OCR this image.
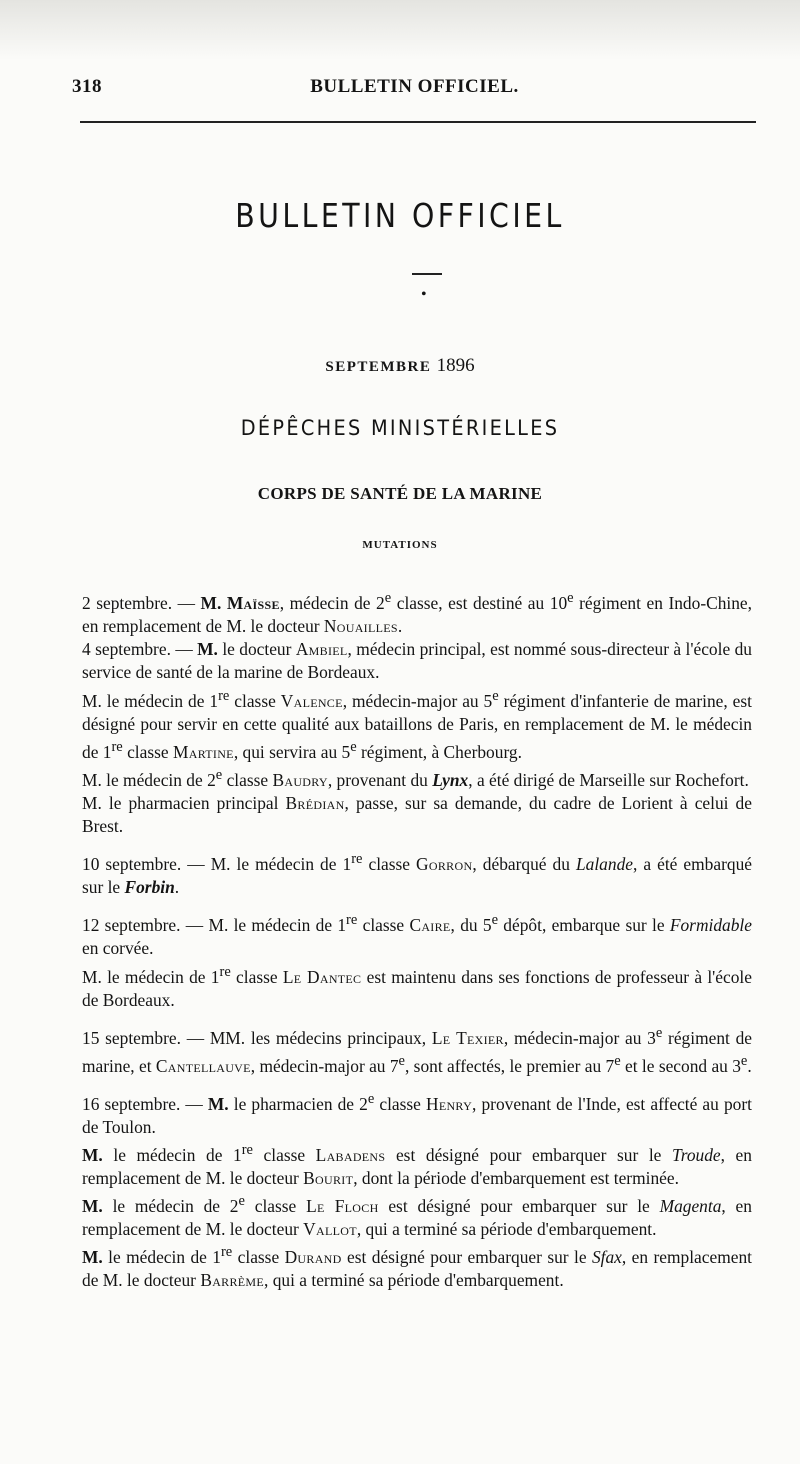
318	BULLETIN OFFICIEL.
BULLETIN OFFICIEL
•
SEPTEMBRE 1896
DÉPÊCHES MINISTÉRIELLES
CORPS DE SANTÉ DE LA MARINE
MUTATIONS

2 septembre. — M. Maïsse, médecin de 2e classe, est destiné au 10e régiment en Indo-Chine, en remplacement de M. le docteur Nouailles.

4 septembre. — M. le docteur Ambiel, médecin principal, est nommé sous-directeur à l'école du service de santé de la marine de Bordeaux.

M. le médecin de 1re classe Valence, médecin-major au 5e régiment d'infanterie de marine, est désigné pour servir en cette qualité aux bataillons de Paris, en remplacement de M. le médecin de 1re classe Martine, qui servira au 5e régiment, à Cherbourg.

M. le médecin de 2e classe Baudry, provenant du Lynx, a été dirigé de Marseille sur Rochefort.

M. le pharmacien principal Brédian, passe, sur sa demande, du cadre de Lorient à celui de Brest.

10 septembre. — M. le médecin de 1re classe Gorron, débarqué du Lalande, a été embarqué sur le Forbin.

12 septembre. — M. le médecin de 1re classe Caire, du 5e dépôt, embarque sur le Formidable en corvée.

M. le médecin de 1re classe Le Dantec est maintenu dans ses fonctions de professeur à l'école de Bordeaux.

15 septembre. — MM. les médecins principaux, Le Texier, médecin-major au 3e régiment de marine, et Cantellauve, médecin-major au 7e, sont affectés, le premier au 7e et le second au 3e.

16 septembre. — M. le pharmacien de 2e classe Henry, provenant de l'Inde, est affecté au port de Toulon.

M. le médecin de 1re classe Labadens est désigné pour embarquer sur le Troude, en remplacement de M. le docteur Bourit, dont la période d'embarquement est terminée.

M. le médecin de 2e classe Le Floch est désigné pour embarquer sur le Magenta, en remplacement de M. le docteur Vallot, qui a terminé sa période d'embarquement.

M. le médecin de 1re classe Durand est désigné pour embarquer sur le Sfax, en remplacement de M. le docteur Barrème, qui a terminé sa période d'embarquement.
